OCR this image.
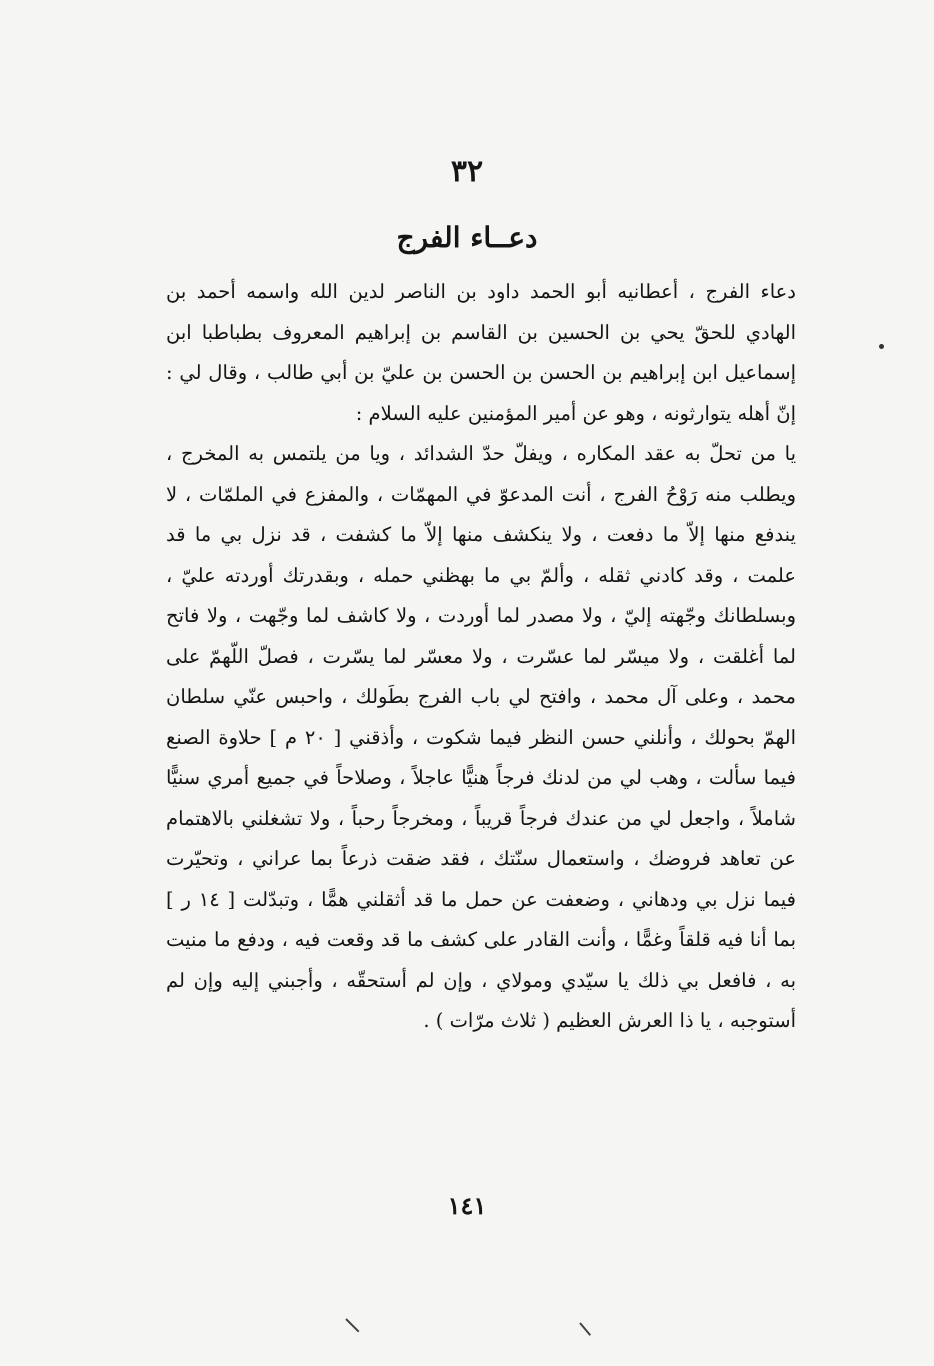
٣٢
دعــاء الفرج

دعاء الفرج ، أعطانيه أبو الحمد داود بن الناصر لدين الله واسمه أحمد بن الهادي للحقّ يحي بن الحسين بن القاسم بن إبراهيم المعروف بطباطبا ابن إسماعيل ابن إبراهيم بن الحسن بن الحسن بن عليّ بن أبي طالب ، وقال لي : إنّ أهله يتوارثونه ، وهو عن أمير المؤمنين عليه السلام :

يا من تحلّ به عقد المكاره ، ويفلّ حدّ الشدائد ، ويا من يلتمس به المخرج ، ويطلب منه رَوْحُ الفرج ، أنت المدعوّ في المهمّات ، والمفزع في الملمّات ، لا يندفع منها إلاّ ما دفعت ، ولا ينكشف منها إلاّ ما كشفت ، قد نزل بي ما قد علمت ، وقد كادني ثقله ، وألمّ بي ما بهظني حمله ، وبقدرتك أوردته عليّ ، وبسلطانك وجّهته إليّ ، ولا مصدر لما أوردت ، ولا كاشف لما وجّهت ، ولا فاتح لما أغلقت ، ولا ميسّر لما عسّرت ، ولا معسّر لما يسّرت ، فصلّ اللّهمّ على محمد ، وعلى آل محمد ، وافتح لي باب الفرج بطَولك ، واحبس عنّي سلطان الهمّ بحولك ، وأنلني حسن النظر فيما شكوت ، وأذقني [ ٢٠ م ] حلاوة الصنع فيما سألت ، وهب لي من لدنك فرجاً هنيًّا عاجلاً ، وصلاحاً في جميع أمري سنيًّا شاملاً ، واجعل لي من عندك فرجاً قريباً ، ومخرجاً رحباً ، ولا تشغلني بالاهتمام عن تعاهد فروضك ، واستعمال سنّتك ، فقد ضقت ذرعاً بما عراني ، وتحيّرت فيما نزل بي ودهاني ، وضعفت عن حمل ما قد أثقلني همًّا ، وتبدّلت [ ١٤ ر ] بما أنا فيه قلقاً وغمًّا ، وأنت القادر على كشف ما قد وقعت فيه ، ودفع ما منيت به ، فافعل بي ذلك يا سيّدي ومولاي ، وإن لم أستحقّه ، وأجبني إليه وإن لم أستوجبه ، يا ذا العرش العظيم ( ثلاث مرّات ) .

١٤١
